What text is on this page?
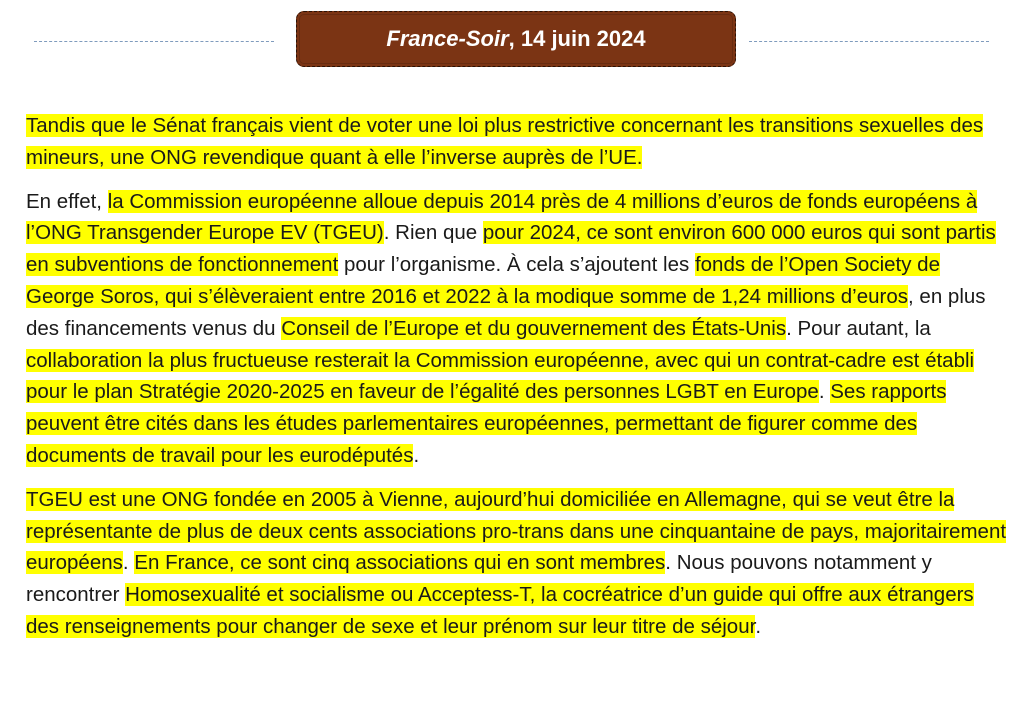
France-Soir , 14 juin 2024

Tandis que le Sénat français vient de voter une loi plus restrictive concernant les transitions sexuelles des mineurs, une ONG revendique quant à elle l’inverse auprès de l’UE.

En effet, la Commission européenne alloue depuis 2014 près de 4 millions d’euros de fonds européens à l’ONG Transgender Europe EV (TGEU). Rien que pour 2024, ce sont environ 600 000 euros qui sont partis en subventions de fonctionnement pour l’organisme. À cela s’ajoutent les fonds de l’Open Society de George Soros, qui s’élèveraient entre 2016 et 2022 à la modique somme de 1,24 millions d’euros, en plus des financements venus du Conseil de l’Europe et du gouvernement des États-Unis. Pour autant, la collaboration la plus fructueuse resterait la Commission européenne, avec qui un contrat-cadre est établi pour le plan Stratégie 2020-2025 en faveur de l’égalité des personnes LGBT en Europe. Ses rapports peuvent être cités dans les études parlementaires européennes, permettant de figurer comme des documents de travail pour les eurodéputés.

TGEU est une ONG fondée en 2005 à Vienne, aujourd’hui domiciliée en Allemagne, qui se veut être la représentante de plus de deux cents associations pro-trans dans une cinquantaine de pays, majoritairement européens. En France, ce sont cinq associations qui en sont membres. Nous pouvons notamment y rencontrer Homosexualité et socialisme ou Acceptess-T, la cocréatrice d’un guide qui offre aux étrangers des renseignements pour changer de sexe et leur prénom sur leur titre de séjour.
